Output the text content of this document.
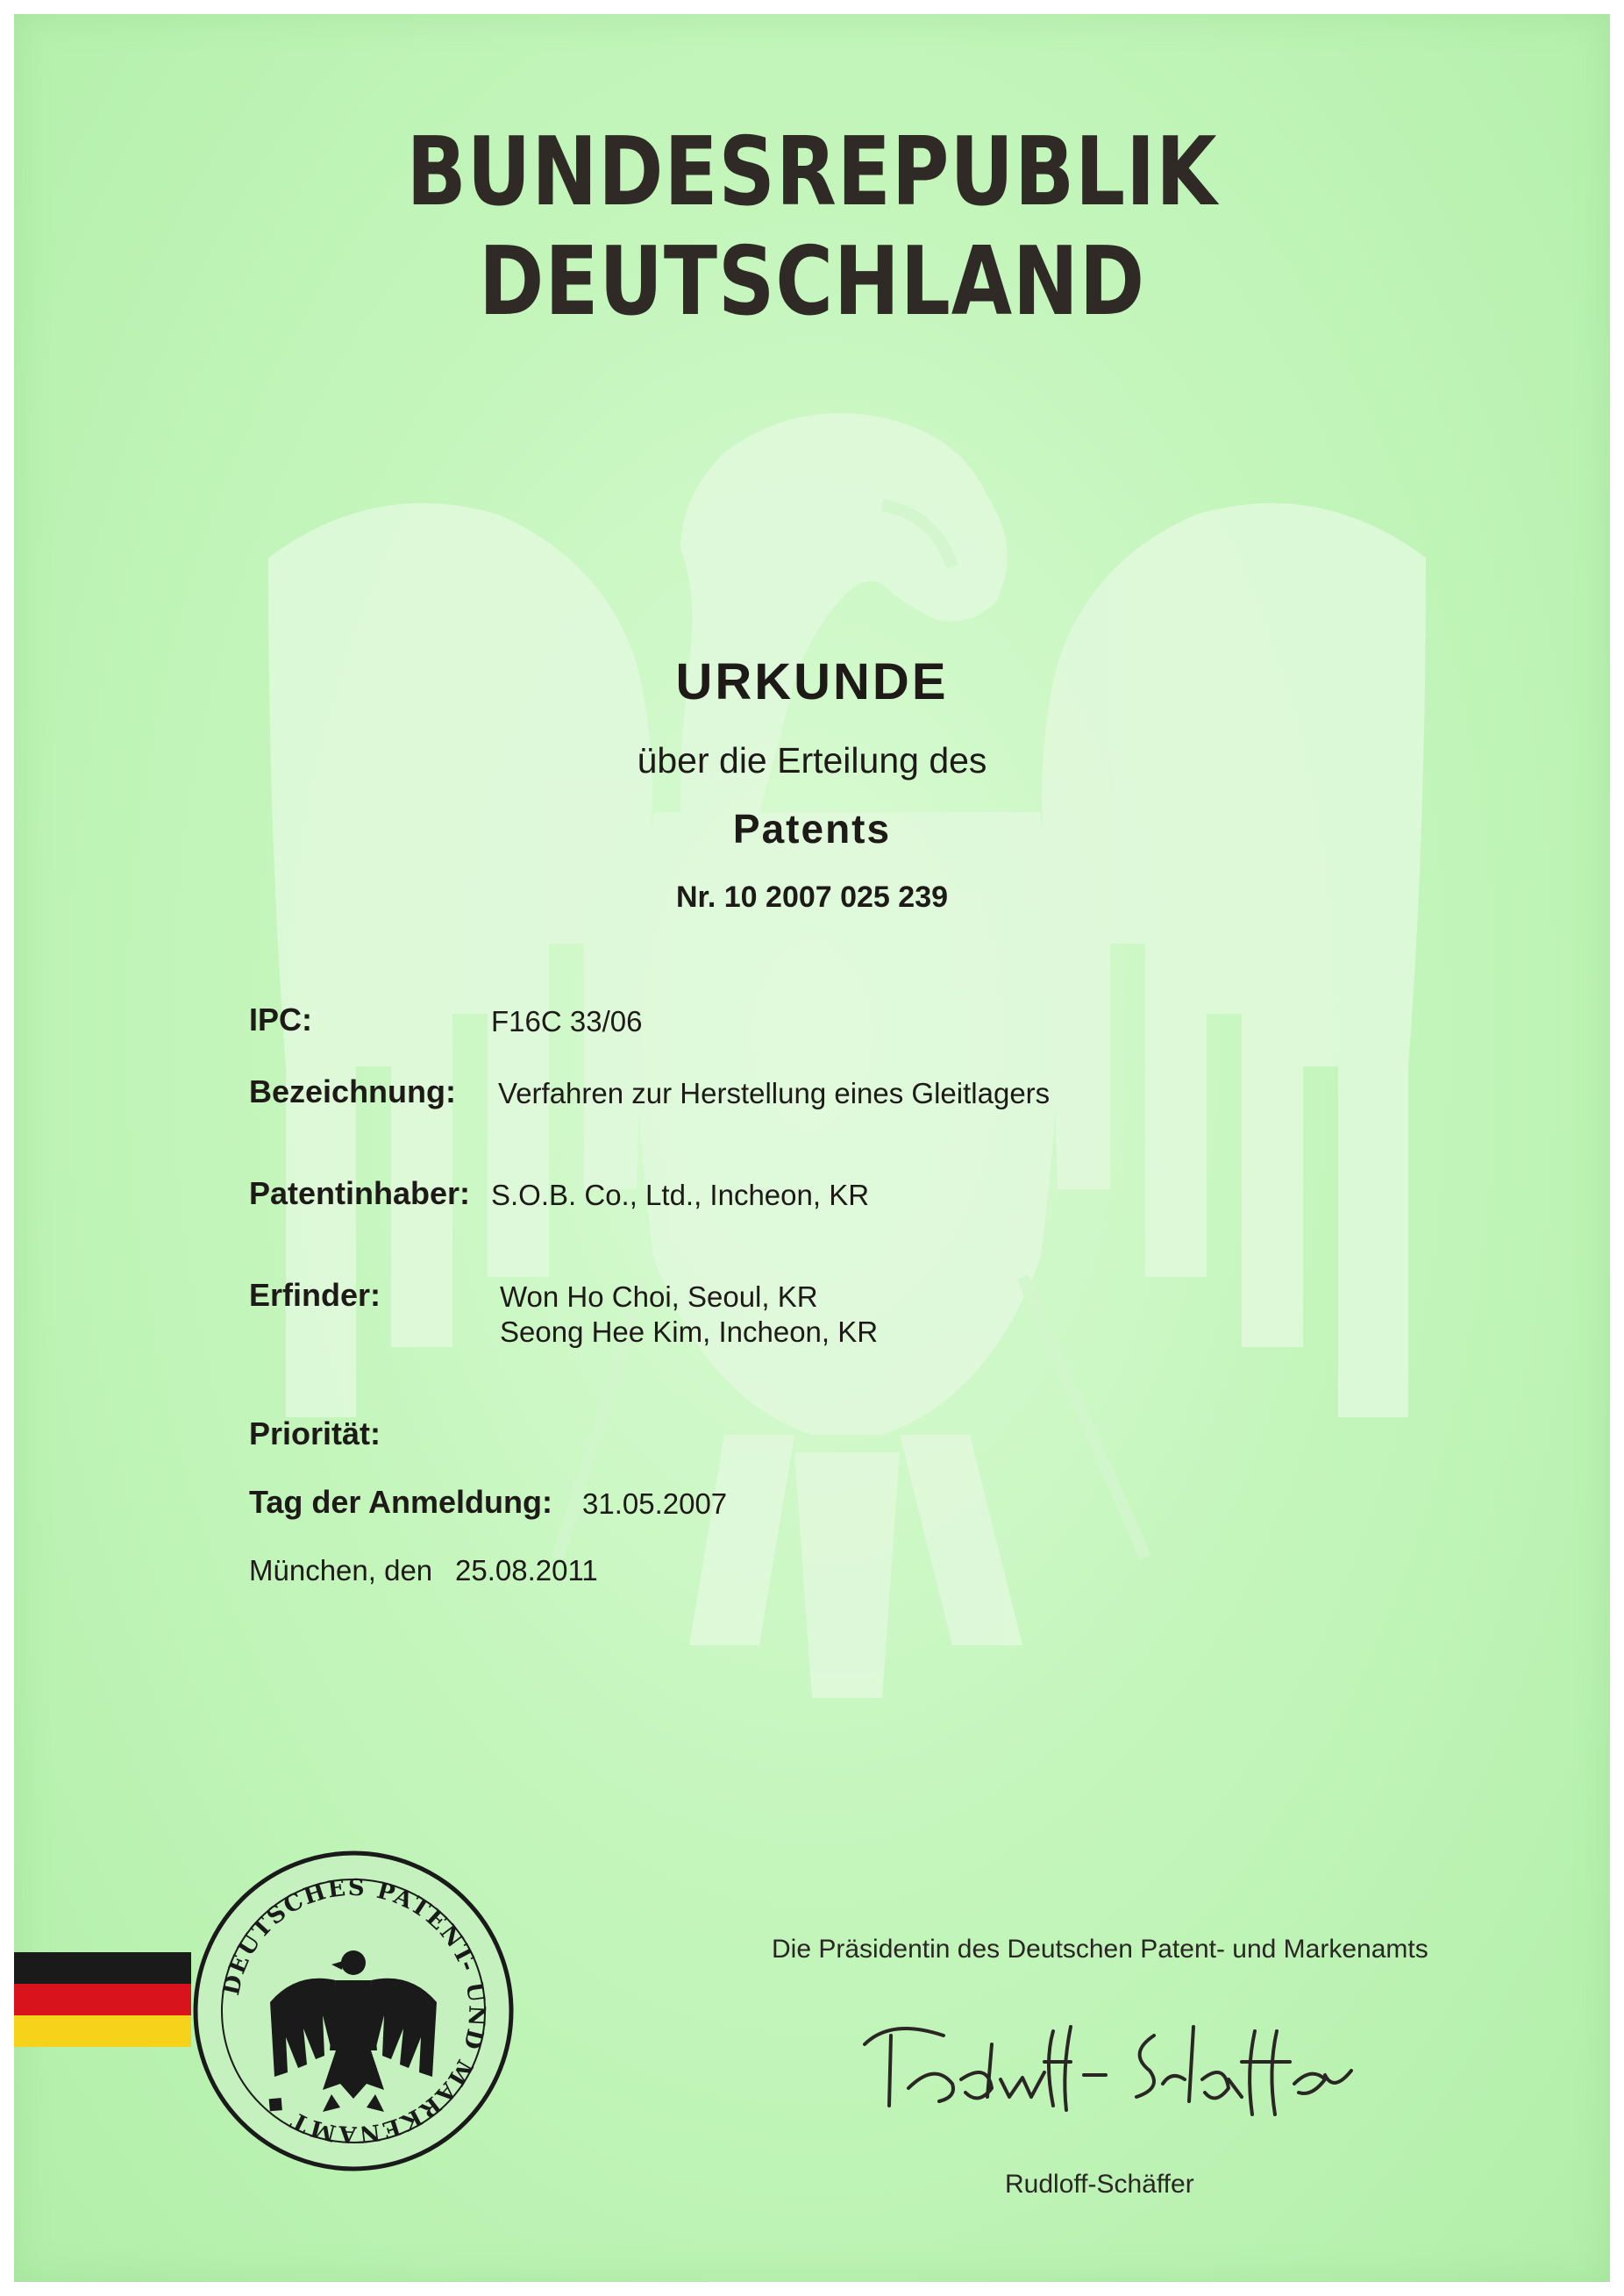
BUNDESREPUBLIK DEUTSCHLAND
URKUNDE
über die Erteilung des
Patents
Nr. 10 2007 025 239
IPC:	F16C 33/06
Bezeichnung: Verfahren zur Herstellung eines Gleitlagers
Patentinhaber: S.O.B. Co., Ltd., Incheon, KR
Erfinder:	Won Ho Choi, Seoul, KR
Seong Hee Kim, Incheon, KR
Priorität:
Tag der Anmeldung: 31.05.2007
München, den 25.08.2011
DEUTSCHES PATENT- UND MARKENAMT ◆
Die Präsidentin des Deutschen Patent- und Markenamts
Rudloff-Schäffer
